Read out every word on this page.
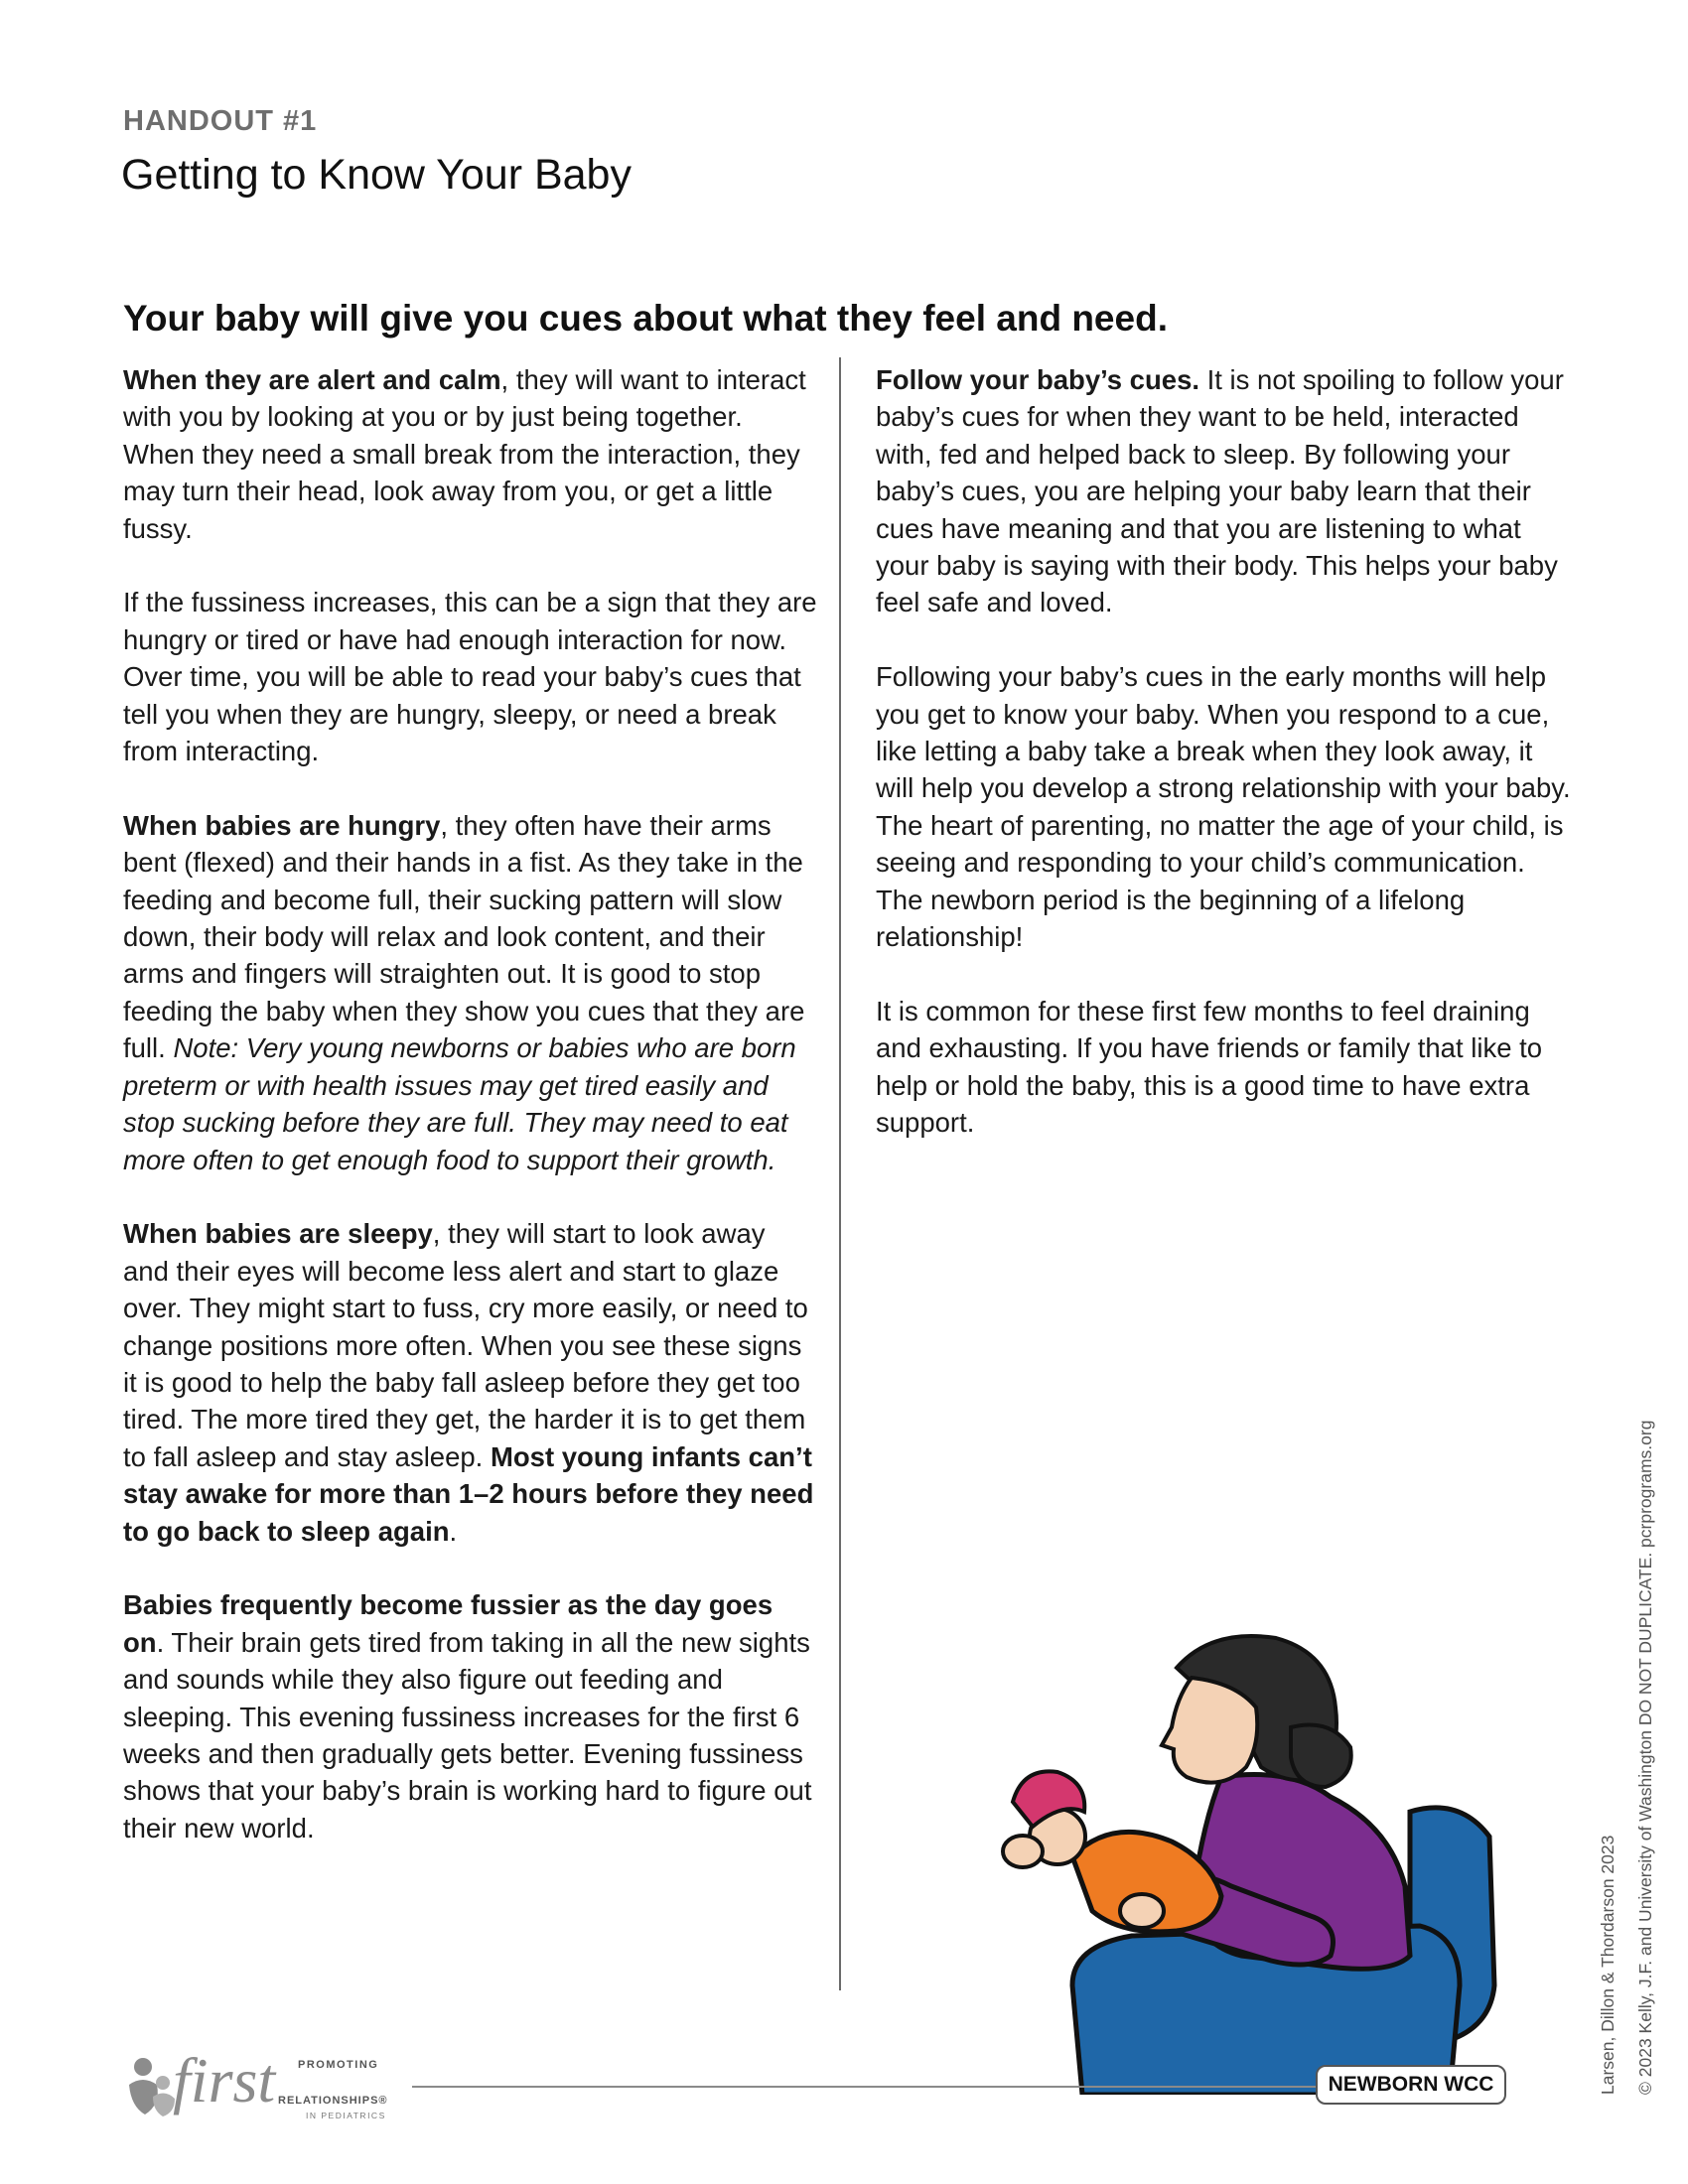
HANDOUT #1
Getting to Know Your Baby
Your baby will give you cues about what they feel and need.

When they are alert and calm, they will want to interact with you by looking at you or by just being together. When they need a small break from the interaction, they may turn their head, look away from you, or get a little fussy.

If the fussiness increases, this can be a sign that they are hungry or tired or have had enough interaction for now. Over time, you will be able to read your baby’s cues that tell you when they are hungry, sleepy, or need a break from interacting.

When babies are hungry, they often have their arms bent (flexed) and their hands in a fist. As they take in the feeding and become full, their sucking pattern will slow down, their body will relax and look content, and their arms and fingers will straighten out. It is good to stop feeding the baby when they show you cues that they are full. Note: Very young newborns or babies who are born preterm or with health issues may get tired easily and stop sucking before they are full. They may need to eat more often to get enough food to support their growth.

When babies are sleepy, they will start to look away and their eyes will become less alert and start to glaze over. They might start to fuss, cry more easily, or need to change positions more often. When you see these signs it is good to help the baby fall asleep before they get too tired. The more tired they get, the harder it is to get them to fall asleep and stay asleep. Most young infants can’t stay awake for more than 1–2 hours before they need to go back to sleep again.

Babies frequently become fussier as the day goes on. Their brain gets tired from taking in all the new sights and sounds while they also figure out feeding and sleeping. This evening fussiness increases for the first 6 weeks and then gradually gets better. Evening fussiness shows that your baby’s brain is working hard to figure out their new world.

Follow your baby’s cues. It is not spoiling to follow your baby’s cues for when they want to be held, interacted with, fed and helped back to sleep. By following your baby’s cues, you are helping your baby learn that their cues have meaning and that you are listening to what your baby is saying with their body. This helps your baby feel safe and loved.

Following your baby’s cues in the early months will help you get to know your baby. When you respond to a cue, like letting a baby take a break when they look away, it will help you develop a strong relationship with your baby. The heart of parenting, no matter the age of your child, is seeing and responding to your child’s communication. The newborn period is the beginning of a lifelong relationship!

It is common for these first few months to feel draining and exhausting. If you have friends or family that like to help or hold the baby, this is a good time to have extra support.

PROMOTING
first RELATIONSHIPS®
IN PEDIATRICS
NEWBORN WCC	Larsen, Dillon & Thordarson 2023	© 2023 Kelly, J.F. and University of Washington DO NOT DUPLICATE. pcrprograms.org
